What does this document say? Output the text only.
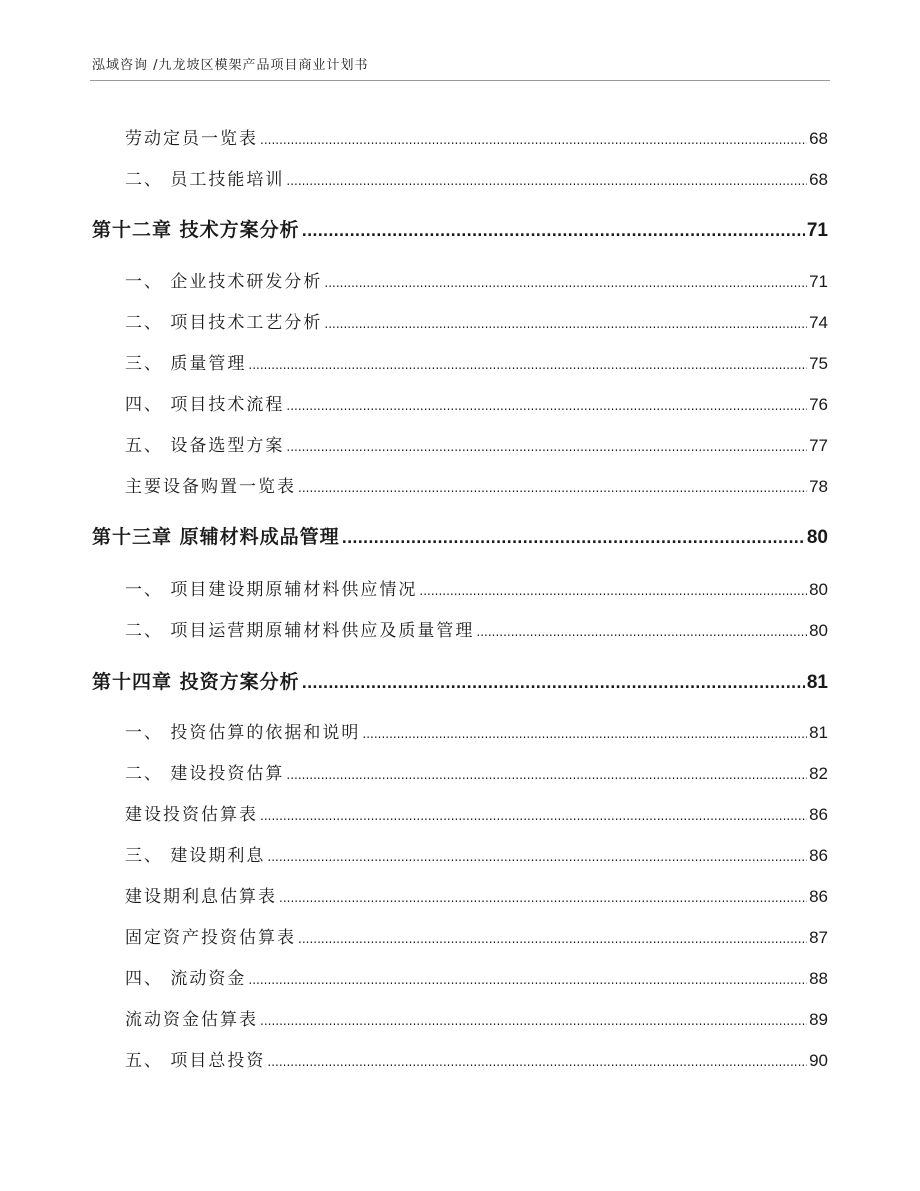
泓域咨询 /九龙坡区模架产品项目商业计划书
劳动定员一览表 .....	68
二、 员工技能培训 .....	68
第十二章 技术方案分析 .....	71
一、 企业技术研发分析 .....	71
二、 项目技术工艺分析 .....	74
三、 质量管理 .....	75
四、 项目技术流程 .....	76
五、 设备选型方案 .....	77
主要设备购置一览表 .....	78
第十三章 原辅材料成品管理 .....	80
一、 项目建设期原辅材料供应情况 .....	80
二、 项目运营期原辅材料供应及质量管理 .....	80
第十四章 投资方案分析 .....	81
一、 投资估算的依据和说明 .....	81
二、 建设投资估算 .....	82
建设投资估算表 .....	86
三、 建设期利息 .....	86
建设期利息估算表 .....	86
固定资产投资估算表 .....	87
四、 流动资金 .....	88
流动资金估算表 .....	89
五、 项目总投资 .....	90
